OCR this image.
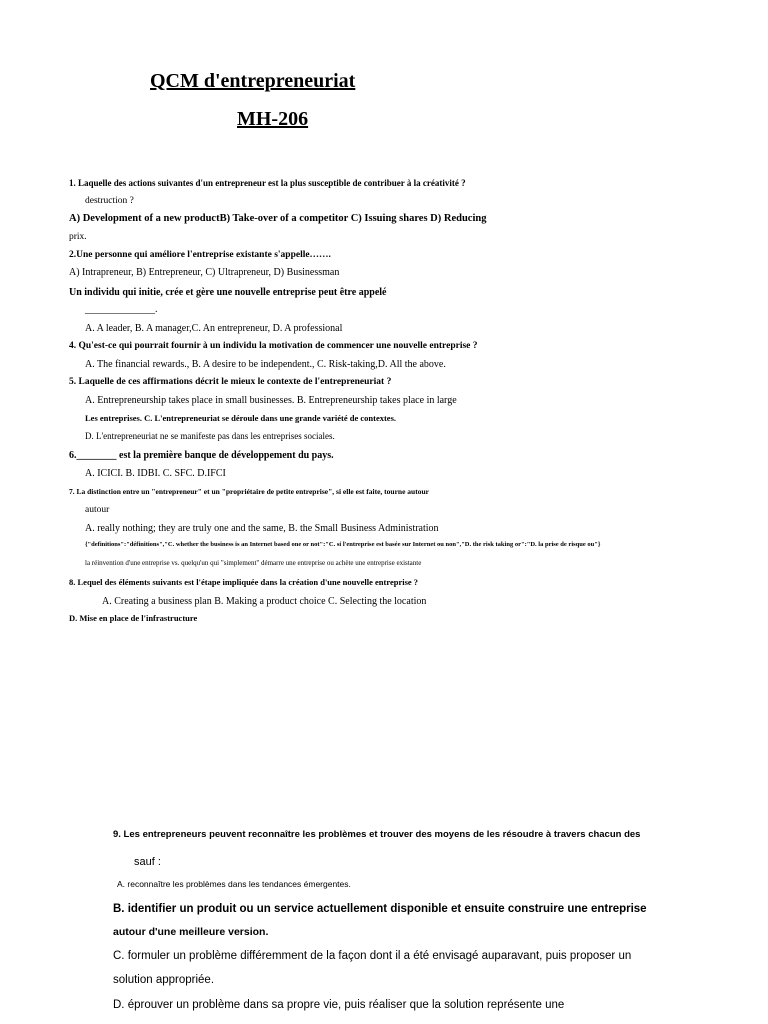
QCM d'entrepreneuriat
MH-206
1. Laquelle des actions suivantes d'un entrepreneur est la plus susceptible de contribuer à la créativité ?
destruction ?
A) Development of a new productB) Take-over of a competitor C) Issuing shares D) Reducing
prix.
2.Une personne qui améliore l'entreprise existante s'appelle…….
A) Intrapreneur, B) Entrepreneur, C) Ultrapreneur, D) Businessman
Un individu qui initie, crée et gère une nouvelle entreprise peut être appelé
______________.
A. A leader, B. A manager,C. An entrepreneur, D. A professional
4. Qu'est-ce qui pourrait fournir à un individu la motivation de commencer une nouvelle entreprise ?
A. The financial rewards., B. A desire to be independent., C. Risk-taking,D. All the above.
5. Laquelle de ces affirmations décrit le mieux le contexte de l'entrepreneuriat ?
A. Entrepreneurship takes place in small businesses. B. Entrepreneurship takes place in large
Les entreprises. C. L'entrepreneuriat se déroule dans une grande variété de contextes.
D. L'entrepreneuriat ne se manifeste pas dans les entreprises sociales.
6.________ est la première banque de développement du pays.
A. ICICI. B. IDBI. C. SFC. D.IFCI
7. La distinction entre un "entrepreneur" et un "propriétaire de petite entreprise", si elle est faite, tourne autour
autour
A. really nothing; they are truly one and the same, B. the Small Business Administration
{"definitions":"définitions","C. whether the business is an Internet based one or not":"C. si l'entreprise est basée sur Internet ou non","D. the risk taking or":"D. la prise de risque ou"}
la réinvention d'une entreprise vs. quelqu'un qui "simplement" démarre une entreprise ou achète une entreprise existante
8. Lequel des éléments suivants est l'étape impliquée dans la création d'une nouvelle entreprise ?
A. Creating a business plan B. Making a product choice C. Selecting the location
D. Mise en place de l'infrastructure
9. Les entrepreneurs peuvent reconnaître les problèmes et trouver des moyens de les résoudre à travers chacun des
sauf :
A. reconnaître les problèmes dans les tendances émergentes.
B. identifier un produit ou un service actuellement disponible et ensuite construire une entreprise
autour d'une meilleure version.
C. formuler un problème différemment de la façon dont il a été envisagé auparavant, puis proposer un
solution appropriée.
D. éprouver un problème dans sa propre vie, puis réaliser que la solution représente une
